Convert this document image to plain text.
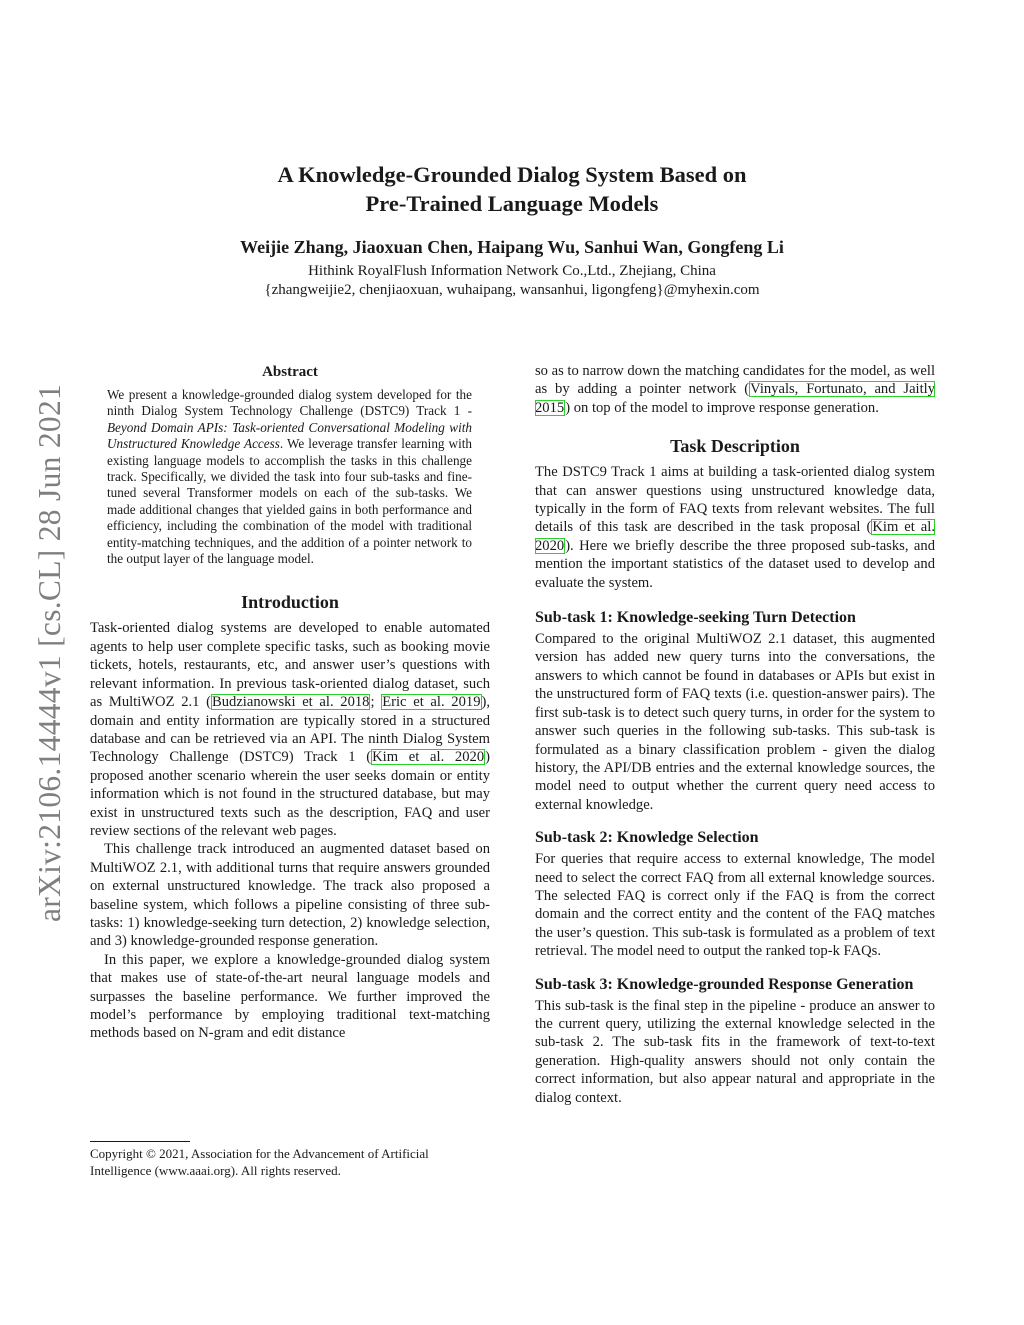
arXiv:2106.14444v1 [cs.CL] 28 Jun 2021
A Knowledge-Grounded Dialog System Based on
Pre-Trained Language Models
Weijie Zhang, Jiaoxuan Chen, Haipang Wu, Sanhui Wan, Gongfeng Li
Hithink RoyalFlush Information Network Co.,Ltd., Zhejiang, China
{zhangweijie2, chenjiaoxuan, wuhaipang, wansanhui, ligongfeng}@myhexin.com
Abstract

We present a knowledge-grounded dialog system developed for the ninth Dialog System Technology Challenge (DSTC9) Track 1 - Beyond Domain APIs: Task-oriented Conversational Modeling with Unstructured Knowledge Access. We leverage transfer learning with existing language models to accomplish the tasks in this challenge track. Specifically, we divided the task into four sub-tasks and fine-tuned several Transformer models on each of the sub-tasks. We made additional changes that yielded gains in both performance and efficiency, including the combination of the model with traditional entity-matching techniques, and the addition of a pointer network to the output layer of the language model.

Introduction

Task-oriented dialog systems are developed to enable automated agents to help user complete specific tasks, such as booking movie tickets, hotels, restaurants, etc, and answer user’s questions with relevant information. In previous task-oriented dialog dataset, such as MultiWOZ 2.1 (Budzianowski et al. 2018; Eric et al. 2019), domain and entity information are typically stored in a structured database and can be retrieved via an API. The ninth Dialog System Technology Challenge (DSTC9) Track 1 (Kim et al. 2020) proposed another scenario wherein the user seeks domain or entity information which is not found in the structured database, but may exist in unstructured texts such as the description, FAQ and user review sections of the relevant web pages.

This challenge track introduced an augmented dataset based on MultiWOZ 2.1, with additional turns that require answers grounded on external unstructured knowledge. The track also proposed a baseline system, which follows a pipeline consisting of three sub-tasks: 1) knowledge-seeking turn detection, 2) knowledge selection, and 3) knowledge-grounded response generation.

In this paper, we explore a knowledge-grounded dialog system that makes use of state-of-the-art neural language models and surpasses the baseline performance. We further improved the model’s performance by employing traditional text-matching methods based on N-gram and edit distance

Copyright © 2021, Association for the Advancement of Artificial Intelligence (www.aaai.org). All rights reserved.

so as to narrow down the matching candidates for the model, as well as by adding a pointer network (Vinyals, Fortunato, and Jaitly 2015) on top of the model to improve response generation.

Task Description

The DSTC9 Track 1 aims at building a task-oriented dialog system that can answer questions using unstructured knowledge data, typically in the form of FAQ texts from relevant websites. The full details of this task are described in the task proposal (Kim et al. 2020). Here we briefly describe the three proposed sub-tasks, and mention the important statistics of the dataset used to develop and evaluate the system.

Sub-task 1: Knowledge-seeking Turn Detection

Compared to the original MultiWOZ 2.1 dataset, this augmented version has added new query turns into the conversations, the answers to which cannot be found in databases or APIs but exist in the unstructured form of FAQ texts (i.e. question-answer pairs). The first sub-task is to detect such query turns, in order for the system to answer such queries in the following sub-tasks. This sub-task is formulated as a binary classification problem - given the dialog history, the API/DB entries and the external knowledge sources, the model need to output whether the current query need access to external knowledge.

Sub-task 2: Knowledge Selection

For queries that require access to external knowledge, The model need to select the correct FAQ from all external knowledge sources. The selected FAQ is correct only if the FAQ is from the correct domain and the correct entity and the content of the FAQ matches the user’s question. This sub-task is formulated as a problem of text retrieval. The model need to output the ranked top-k FAQs.

Sub-task 3: Knowledge-grounded Response Generation

This sub-task is the final step in the pipeline - produce an answer to the current query, utilizing the external knowledge selected in the sub-task 2. The sub-task fits in the framework of text-to-text generation. High-quality answers should not only contain the correct information, but also appear natural and appropriate in the dialog context.
